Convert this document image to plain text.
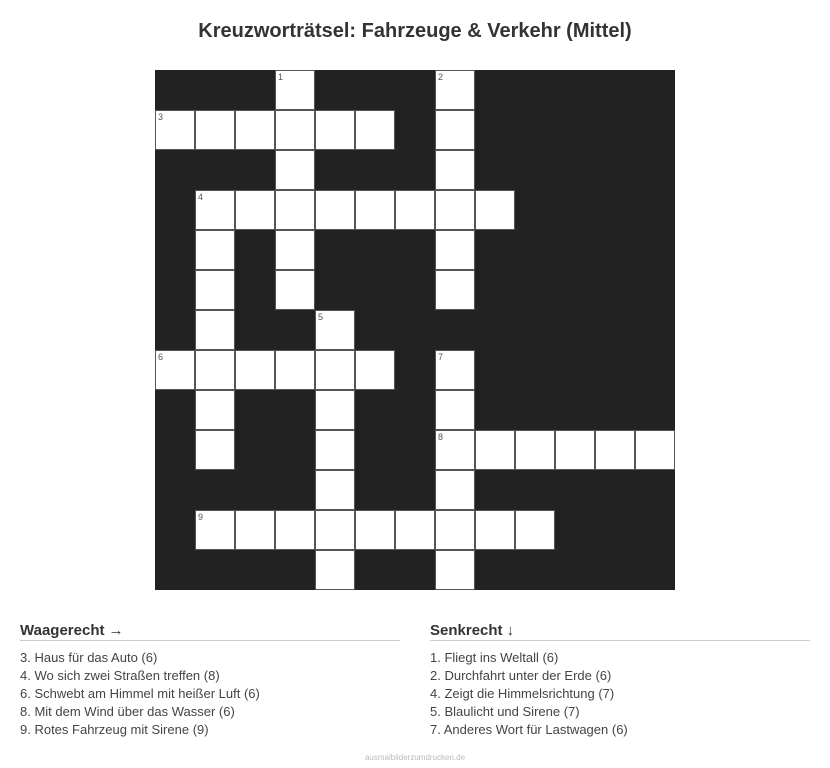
Kreuzworträtsel: Fahrzeuge & Verkehr (Mittel)
1	2
3
4
5
6	7
8
9
Waagerecht →
3. Haus für das Auto (6)
4. Wo sich zwei Straßen treffen (8)
6. Schwebt am Himmel mit heißer Luft (6)
8. Mit dem Wind über das Wasser (6)
9. Rotes Fahrzeug mit Sirene (9)
Senkrecht ↓
1. Fliegt ins Weltall (6)
2. Durchfahrt unter der Erde (6)
4. Zeigt die Himmelsrichtung (7)
5. Blaulicht und Sirene (7)
7. Anderes Wort für Lastwagen (6)
ausmalbilderzumdrucken.de
